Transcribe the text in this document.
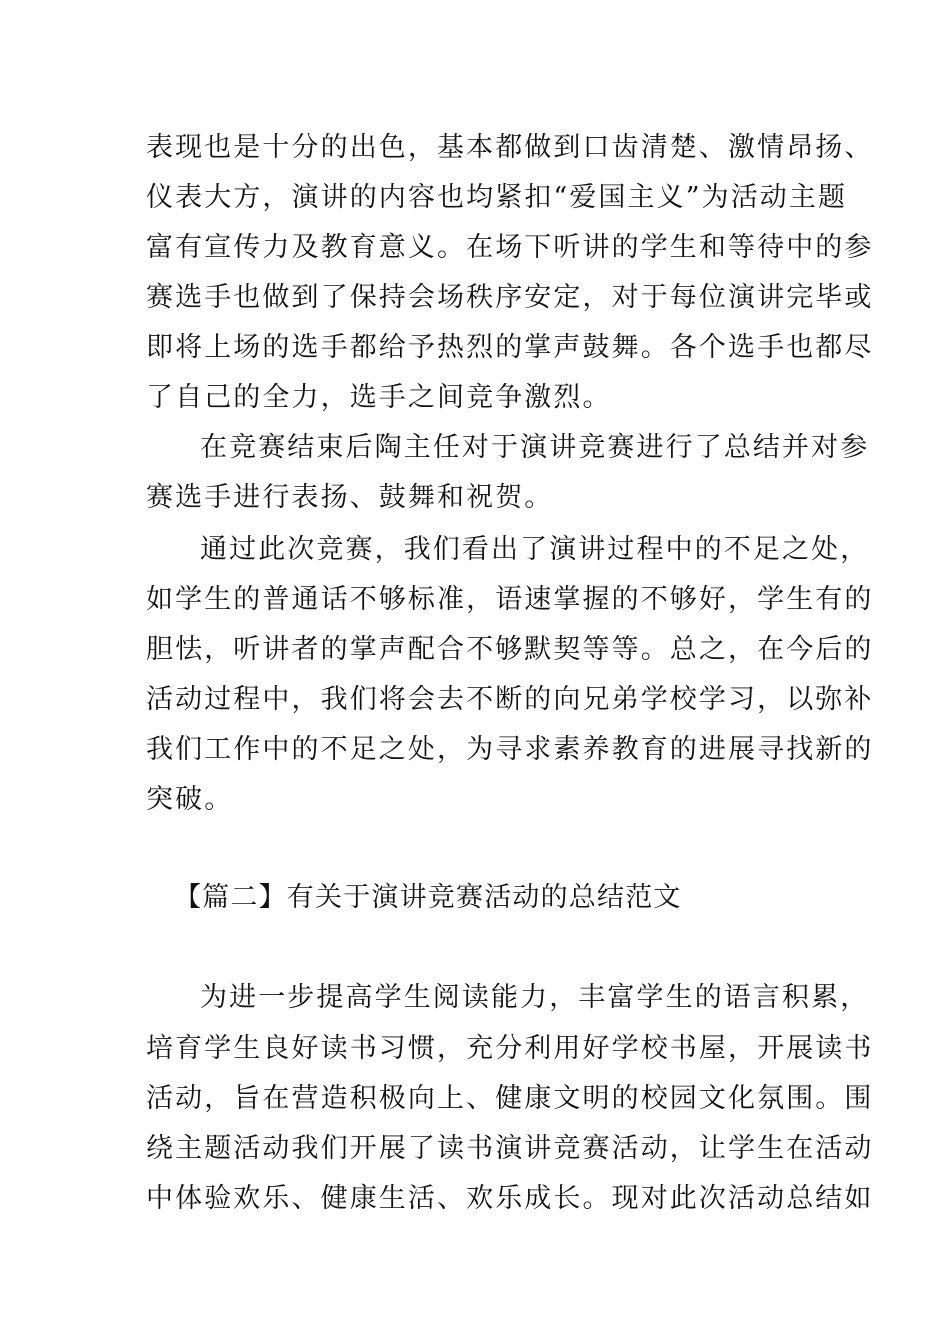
表现也是十分的出色，基本都做到口齿清楚、激情昂扬、
仪表大方，演讲的内容也均紧扣“爱国主义”为活动主题
富有宣传力及教育意义。在场下听讲的学生和等待中的参
赛选手也做到了保持会场秩序安定，对于每位演讲完毕或
即将上场的选手都给予热烈的掌声鼓舞。各个选手也都尽
了自己的全力，选手之间竞争激烈。
在竞赛结束后陶主任对于演讲竞赛进行了总结并对参
赛选手进行表扬、鼓舞和祝贺。
通过此次竞赛，我们看出了演讲过程中的不足之处，
如学生的普通话不够标准，语速掌握的不够好，学生有的
胆怯，听讲者的掌声配合不够默契等等。总之，在今后的
活动过程中，我们将会去不断的向兄弟学校学习，以弥补
我们工作中的不足之处，为寻求素养教育的进展寻找新的
突破。
【篇二】有关于演讲竞赛活动的总结范文
为进一步提高学生阅读能力，丰富学生的语言积累，
培育学生良好读书习惯，充分利用好学校书屋，开展读书
活动，旨在营造积极向上、健康文明的校园文化氛围。围
绕主题活动我们开展了读书演讲竞赛活动，让学生在活动
中体验欢乐、健康生活、欢乐成长。现对此次活动总结如
